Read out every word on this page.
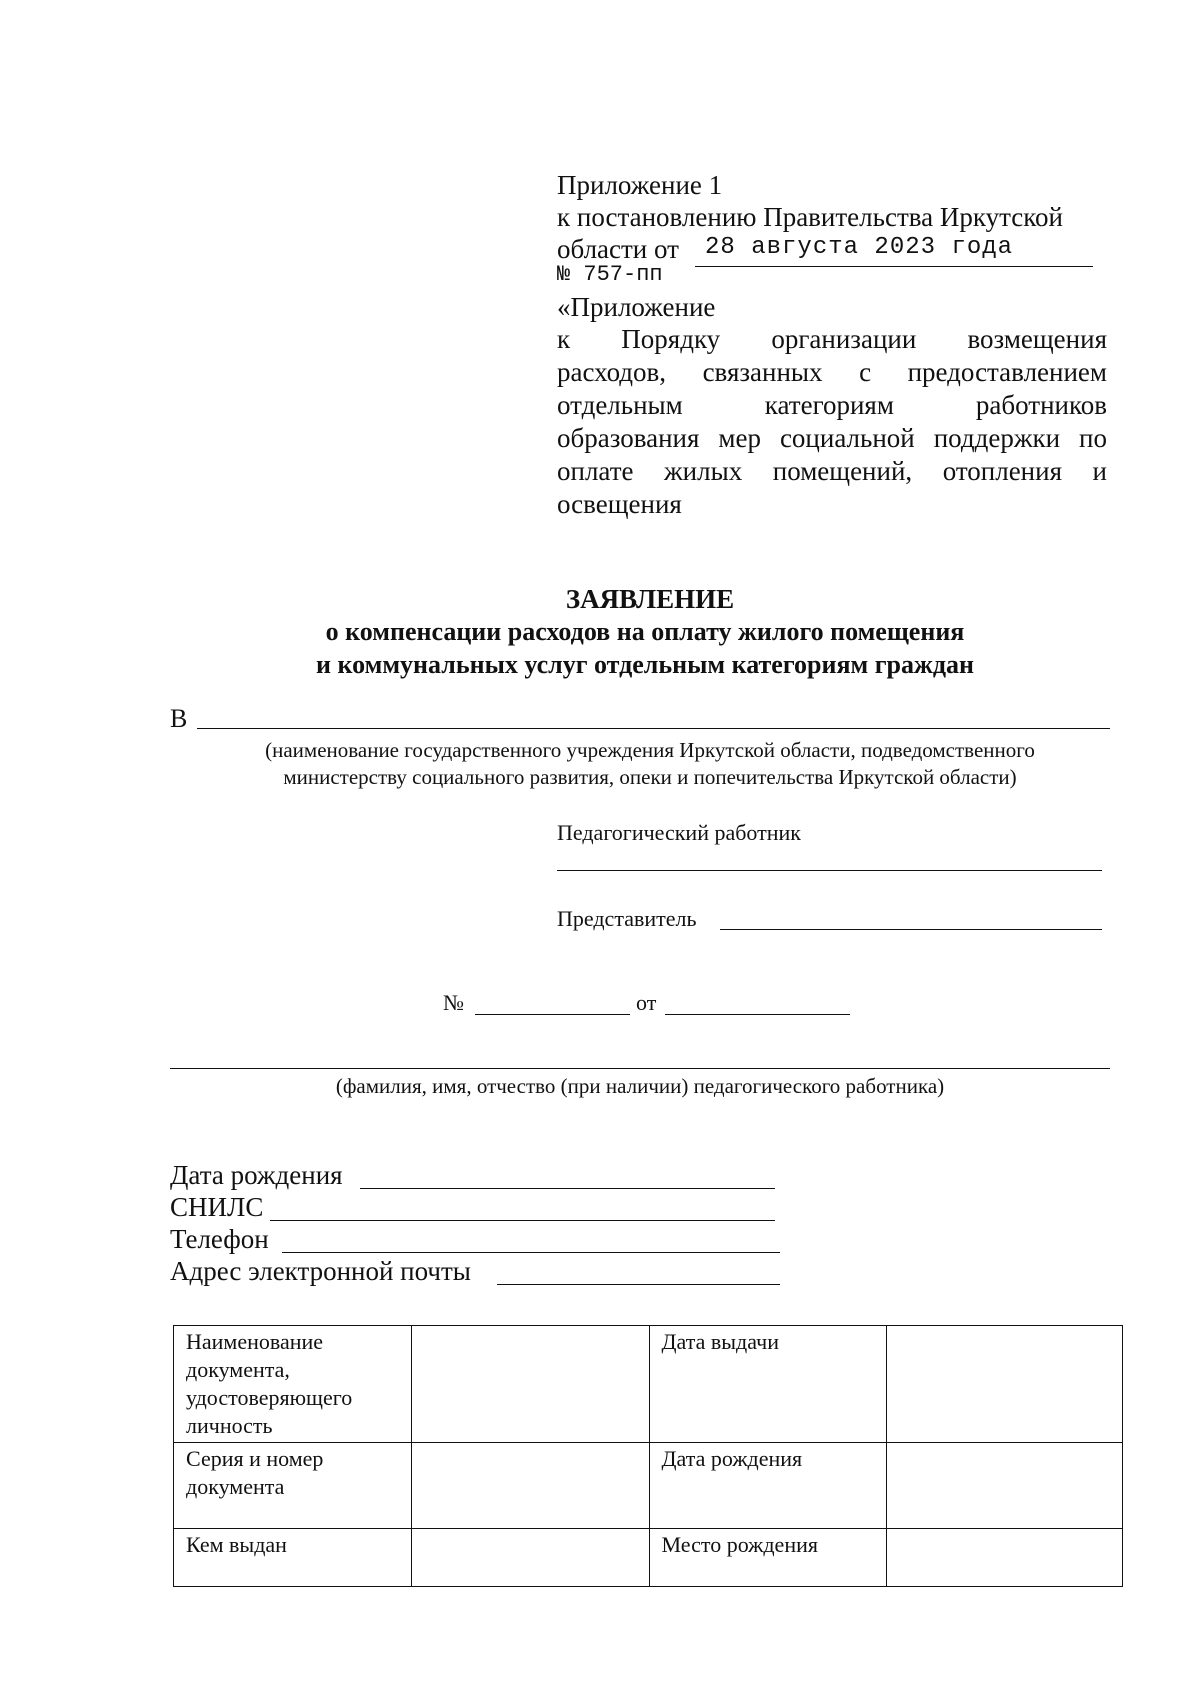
Приложение 1
к постановлению Правительства Иркутской
области от 28 августа 2023 года
№ 757-пп
«Приложение
к Порядку организации возмещения
расходов, связанных с предоставлением
отдельным категориям работников
образования мер социальной поддержки по
оплате жилых помещений, отопления и
освещения
ЗАЯВЛЕНИЕ
о компенсации расходов на оплату жилого помещения
и коммунальных услуг отдельным категориям граждан
В
(наименование государственного учреждения Иркутской области, подведомственного
министерству социального развития, опеки и попечительства Иркутской области)
Педагогический работник
Представитель
№	от
(фамилия, имя, отчество (при наличии) педагогического работника)
Дата рождения
СНИЛС
Телефон
Адрес электронной почты
Наименование документа, удостоверяющего личность		Дата выдачи	
Серия и номер документа		Дата рождения	
Кем выдан		Место рождения	
